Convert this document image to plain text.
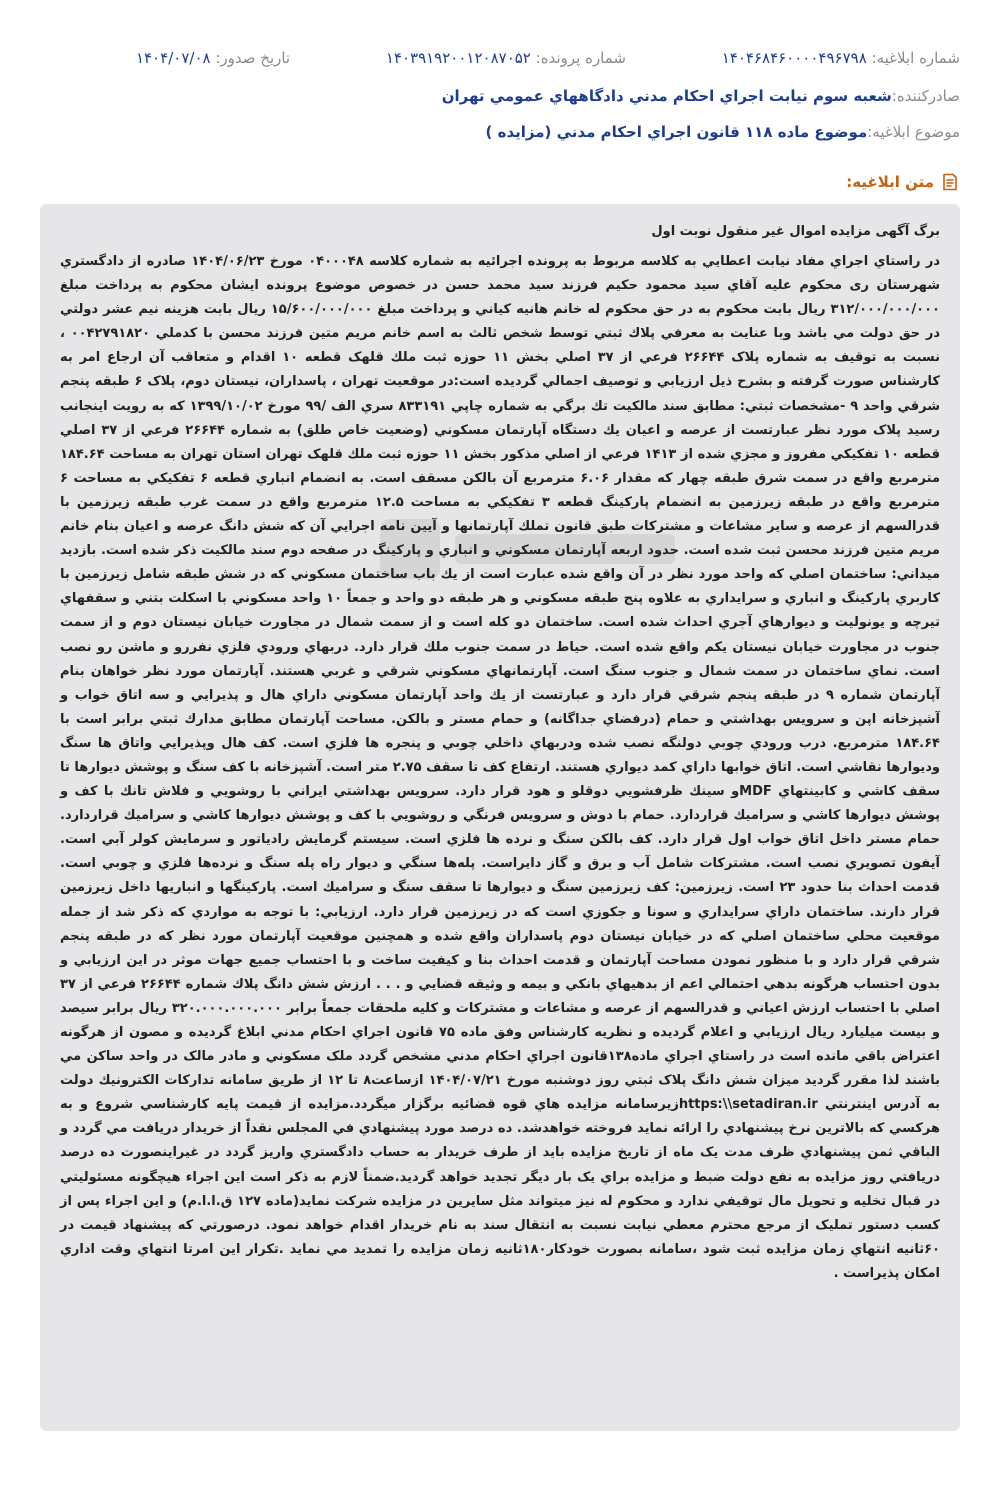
شماره ابلاغيه: ۱۴۰۴۶۸۴۶۰۰۰۰۴۹۶۷۹۸
شماره پرونده: ۱۴۰۳۹۱۹۲۰۰۱۲۰۸۷۰۵۲
تاريخ صدور: ۱۴۰۴/۰۷/۰۸
صادرکننده:
شعبه سوم نيابت اجراي احكام مدني دادگاههاي عمومي تهران
موضوع ابلاغيه:
موضوع ماده ۱۱۸ قانون اجراي احكام مدني (مزايده )
متن ابلاغيه:
برگ آگهی مزایده اموال غیر منقول نوبت اول

در راستاي اجراي مفاد نيابت اعطايي به كلاسه مربوط به پرونده اجرائيه به شماره كلاسه ۰۴۰۰۰۴۸ مورخ ۱۴۰۴/۰۶/۲۳ صادره از دادگستري شهرستان ری محكوم عليه آقاي سيد محمود حكيم فرزند سيد محمد حسن در خصوص موضوع پرونده ايشان محكوم به پرداخت مبلغ ۳۱۲/۰۰۰/۰۰۰/۰۰۰ ريال بابت محكوم به در حق محكوم له خانم هانيه كياني و پرداخت مبلغ ۱۵/۶۰۰/۰۰۰/۰۰۰ ريال بابت هزينه نيم عشر دولتي در حق دولت مي باشد وبا عنايت به معرفي پلاك ثبتي توسط شخص ثالث به اسم خانم مريم متين فرزند محسن با كدملي ۰۰۴۲۷۹۱۸۲۰ ، نسبت به توقيف به شماره پلاک ۲۶۶۴۴ فرعي از ۳۷ اصلي بخش ۱۱ حوزه ثبت ملك قلهک قطعه ۱۰ اقدام و متعاقب آن ارجاع امر به كارشناس صورت گرفته و بشرح ذيل ارزيابي و توصيف اجمالي گرديده است:در موقعيت تهران ، پاسداران، نيستان دوم، پلاک ۶ طبقه پنجم شرقي واحد ۹ -مشخصات ثبتي: مطابق سند مالكيت تك برگي به شماره چاپي ۸۳۳۱۹۱ سري الف /۹۹ مورخ ۱۳۹۹/۱۰/۰۲ كه به رويت اينجانب رسيد پلاک مورد نظر عبارتست از عرصه و اعيان يك دستگاه آپارتمان مسكوني (وضعيت خاص طلق) به شماره ۲۶۶۴۴ فرعي از ۳۷ اصلي قطعه ۱۰ تفكيكي مفروز و مجزي شده از ۱۴۱۳ فرعي از اصلي مذكور بخش ۱۱ حوزه ثبت ملك قلهک تهران استان تهران به مساحت ۱۸۴.۶۴ مترمربع واقع در سمت شرق طبقه چهار كه مقدار ۶.۰۶ مترمربع آن بالكن مسقف است. به انضمام انباري قطعه ۶ تفكيكي به مساحت ۶ مترمربع واقع در طبقه زيرزمين به انضمام پاركينگ قطعه ۳ تفكيكي به مساحت ۱۲.۵ مترمربع واقع در سمت غرب طبقه زيرزمين با قدرالسهم از عرصه و ساير مشاعات و مشتركات طبق قانون تملك آپارتمانها و آيين نامه اجرايي آن كه شش دانگ عرصه و اعيان بنام خانم مريم متين فرزند محسن ثبت شده است. حدود اربعه آپارتمان مسكوني و انباري و پاركينگ در صفحه دوم سند مالكيت ذكر شده است. بازديد ميداني: ساختمان اصلي كه واحد مورد نظر در آن واقع شده عبارت است از يك باب ساختمان مسكوني كه در شش طبقه شامل زيرزمين با كاربري پاركينگ و انباري و سرايداري به علاوه پنج طبقه مسكوني و هر طبقه دو واحد و جمعاً ۱۰ واحد مسكوني با اسكلت بتني و سقفهاي تيرچه و يونوليت و ديوارهاي آجري احداث شده است. ساختمان دو كله است و از سمت شمال در مجاورت خيابان نيستان دوم و از سمت جنوب در مجاورت خيابان نيستان يكم واقع شده است. حياط در سمت جنوب ملك قرار دارد. دربهاي ورودي فلزي نفررو و ماشن رو نصب است. نماي ساختمان در سمت شمال و جنوب سنگ است. آپارتمانهاي مسكوني شرقي و غربي هستند. آپارتمان مورد نظر خواهان بنام آپارتمان شماره ۹ در طبقه پنجم شرقي قرار دارد و عبارتست از يك واحد آپارتمان مسكوني داراي هال و پذيرايي و سه اتاق خواب و آشپزخانه اپن و سرويس بهداشتي و حمام (درفضاي جداگانه) و حمام مستر و بالكن. مساحت آپارتمان مطابق مدارك ثبتي برابر است با ۱۸۴.۶۴ مترمربع. درب ورودي چوبي دولنگه نصب شده ودربهاي داخلي چوبي و پنجره ها فلزي است. كف هال وپذيرايي واتاق ها سنگ وديوارها نقاشي است. اتاق خوابها داراي كمد ديواري هستند. ارتفاع كف تا سقف ۲.۷۵ متر است. آشپزخانه با كف سنگ و پوشش ديوارها تا سقف كاشي و كابينتهاي MDFو سينك ظرفشويي دوقلو و هود قرار دارد. سرويس بهداشتي ايراني با روشويي و فلاش تانك با كف و پوشش ديوارها كاشي و سراميك قراردارد. حمام با دوش و سرويس فرنگي و روشويي با كف و پوشش ديوارها كاشي و سراميك قراردارد. حمام مستر داخل اتاق خواب اول قرار دارد. كف بالكن سنگ و نرده ها فلزي است. سيستم گرمايش رادياتور و سرمايش كولر آبي است. آيفون تصويري نصب است. مشتركات شامل آب و برق و گاز دايراست. پله‌ها سنگي و ديوار راه پله سنگ و نرده‌ها فلزي و چوبي است. قدمت احداث بنا حدود ۲۳ است. زيرزمين: كف زيرزمين سنگ و ديوارها تا سقف سنگ و سراميك است. پاركينگها و انباريها داخل زيرزمين قرار دارند. ساختمان داراي سرايداري و سونا و جكوزي است كه در زيرزمين قرار دارد. ارزيابي: با توجه به مواردي كه ذكر شد از جمله موقعيت محلي ساختمان اصلي كه در خيابان نيستان دوم پاسداران واقع شده و همچنين موقعيت آپارتمان مورد نظر كه در طبقه پنجم شرقي قرار دارد و با منظور نمودن مساحت آپارتمان و قدمت احداث بنا و كيفيت ساخت و با احتساب جميع جهات موثر در اين ارزيابي و بدون احتساب هرگونه بدهي احتمالي اعم از بدهيهاي بانكي و بيمه و وثيقه قضايي و . . . ارزش شش دانگ پلاك شماره ۲۶۶۴۴ فرعي از ۳۷ اصلي با احتساب ارزش اعياني و قدرالسهم از عرصه و مشاعات و مشتركات و كليه ملحقات جمعاً برابر ۳۲۰.۰۰۰.۰۰۰.۰۰۰ ريال برابر سيصد و بيست ميليارد ريال ارزيابي و اعلام گرديده و نظريه كارشناس وفق ماده ۷۵ قانون اجراي احكام مدني ابلاغ گرديده و مصون از هرگونه اعتراض باقي مانده است در راستاي اجراي ماده۱۳۸قانون اجراي احكام مدني مشخص گردد ملک مسكوني و مادر مالک در واحد ساكن مي باشند لذا مقرر گرديد ميزان شش دانگ پلاک ثبتي روز دوشنبه مورخ ۱۴۰۴/۰۷/۲۱ ازساعت۸ تا ۱۲ از طريق سامانه تداركات الكترونيك دولت به آدرس اينترنتي https:\\setadiran.irزيرسامانه مزايده هاي قوه قضائيه برگزار ميگردد.مزايده از قيمت پايه كارشناسي شروع و به هركسي كه بالاترين نرخ پيشنهادي را ارائه نمايد فروخته خواهدشد. ده درصد مورد پيشنهادي في المجلس نقداً از خريدار دريافت مي گردد و الباقي ثمن پيشنهادي ظرف مدت يک ماه از تاريخ مزايده بايد از طرف خريدار به حساب دادگستري واريز گردد در غيراينصورت ده درصد دريافتي روز مزايده به نفع دولت ضبط و مزايده براي يک بار ديگر تجديد خواهد گرديد.ضمناً لازم به ذكر است اين اجراء هيچگونه مسئوليتي در قبال تخليه و تحويل مال توقيفي ندارد و محكوم له نيز ميتواند مثل سايرين در مزايده شركت نمايد(ماده ۱۲۷ ق.ا.ا.م) و اين اجراء پس از كسب دستور تمليک از مرجع محترم معطي نيابت نسبت به انتقال سند به نام خريدار اقدام خواهد نمود. درصورتي كه پيشنهاد قيمت در ۶۰ثانيه انتهاي زمان مزايده ثبت شود ،سامانه بصورت خودكار۱۸۰ثانيه زمان مزايده را تمديد مي نمايد .تكرار اين امرتا انتهاي وقت اداري امكان پذيراست .
